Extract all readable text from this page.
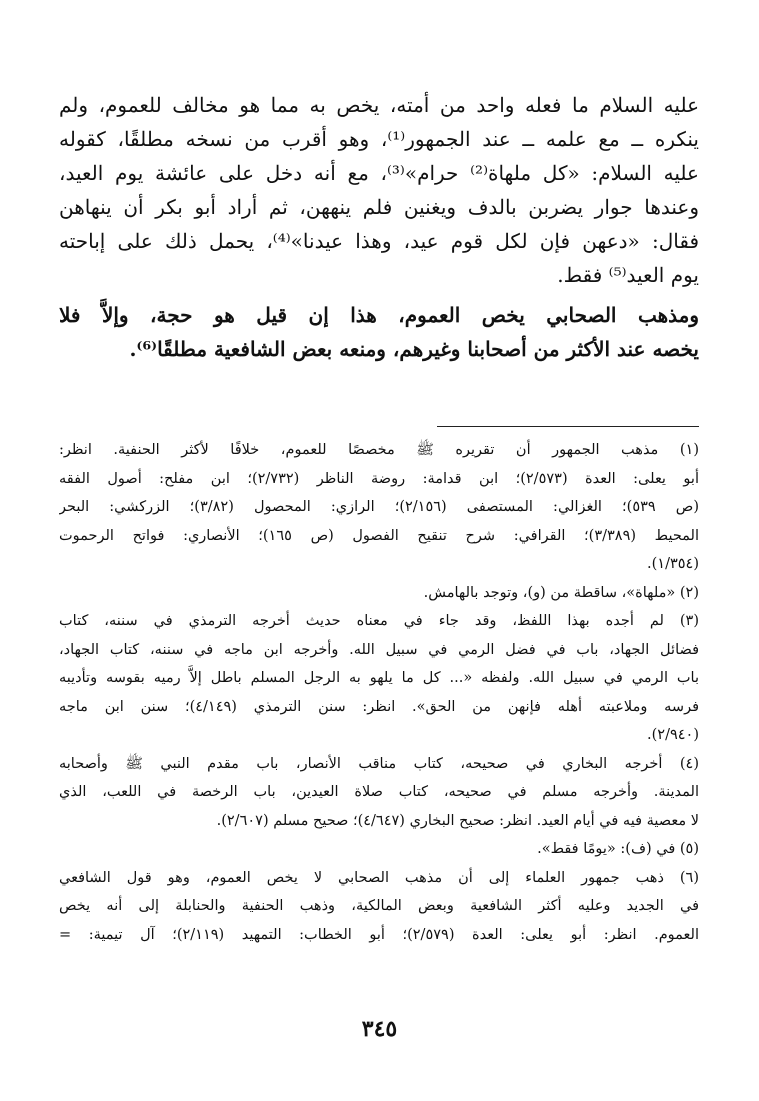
عليه السلام ما فعله واحد من أمته، يخص به مما هو مخالف للعموم، ولم
ينكره ــ مع علمه ــ عند الجمهور⁽¹⁾، وهو أقرب من نسخه مطلقًا، كقوله
عليه السلام: «كل ملهاة⁽²⁾ حرام»⁽³⁾، مع أنه دخل على عائشة يوم العيد،
وعندها جوار يضربن بالدف ويغنين فلم ينههن، ثم أراد أبو بكر أن ينهاهن
فقال: «دعهن فإن لكل قوم عيد، وهذا عيدنا»⁽⁴⁾، يحمل ذلك على إباحته
يوم العيد⁽⁵⁾ فقط.
ومذهب الصحابي يخص العموم، هذا إن قيل هو حجة، وإلاَّ فلا
يخصه عند الأكثر من أصحابنا وغيرهم، ومنعه بعض الشافعية مطلقًا⁽⁶⁾.
(١) مذهب الجمهور أن تقريره ﷺ مخصصًا للعموم، خلافًا لأكثر الحنفية. انظر:
أبو يعلى: العدة (٢/٥٧٣)؛ ابن قدامة: روضة الناظر (٢/٧٣٢)؛ ابن مفلح: أصول الفقه
(ص ٥٣٩)؛ الغزالي: المستصفى (٢/١٥٦)؛ الرازي: المحصول (٣/٨٢)؛ الزركشي: البحر
المحيط (٣/٣٨٩)؛ القرافي: شرح تنقيح الفصول (ص ١٦٥)؛ الأنصاري: فواتح الرحموت
(١/٣٥٤).
(٢) «ملهاة»، ساقطة من (و)، وتوجد بالهامش.
(٣) لم أجده بهذا اللفظ، وقد جاء في معناه حديث أخرجه الترمذي في سننه، كتاب
فضائل الجهاد، باب في فضل الرمي في سبيل الله. وأخرجه ابن ماجه في سننه، كتاب الجهاد،
باب الرمي في سبيل الله. ولفظه «... كل ما يلهو به الرجل المسلم باطل إلاَّ رميه بقوسه وتأديبه
فرسه وملاعبته أهله فإنهن من الحق». انظر: سنن الترمذي (٤/١٤٩)؛ سنن ابن ماجه
(٢/٩٤٠).
(٤) أخرجه البخاري في صحيحه، كتاب مناقب الأنصار، باب مقدم النبي ﷺ وأصحابه
المدينة. وأخرجه مسلم في صحيحه، كتاب صلاة العيدين، باب الرخصة في اللعب، الذي
لا معصية فيه في أيام العيد. انظر: صحيح البخاري (٤/٦٤٧)؛ صحيح مسلم (٢/٦٠٧).
(٥) في (ف): «يومًا فقط».
(٦) ذهب جمهور العلماء إلى أن مذهب الصحابي لا يخص العموم، وهو قول الشافعي
في الجديد وعليه أكثر الشافعية وبعض المالكية، وذهب الحنفية والحنابلة إلى أنه يخص
العموم. انظر: أبو يعلى: العدة (٢/٥٧٩)؛ أبو الخطاب: التمهيد (٢/١١٩)؛ آل تيمية: =
٣٤٥
